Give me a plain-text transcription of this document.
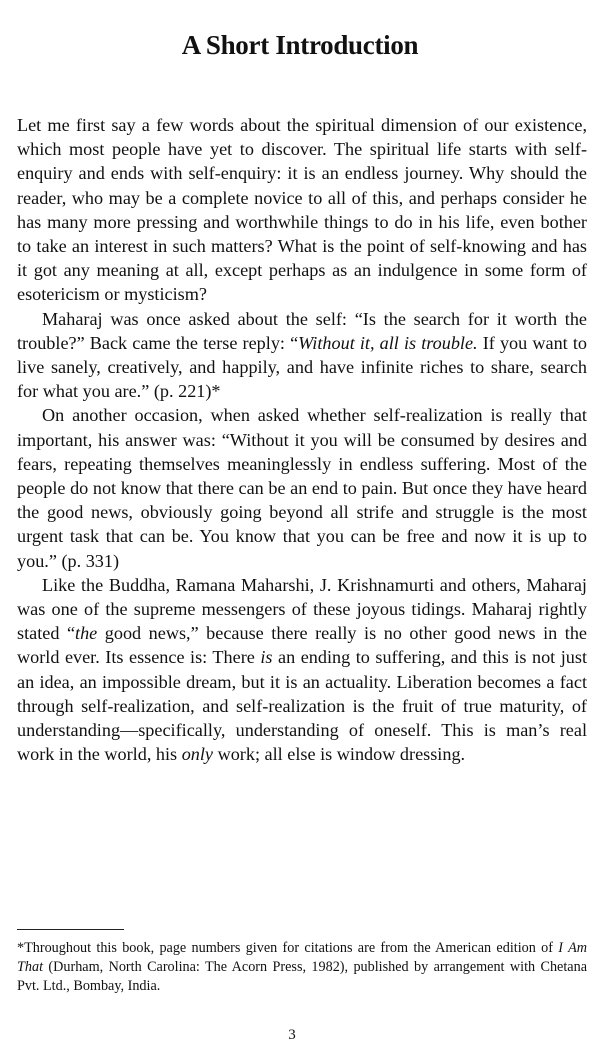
A Short Introduction

Let me first say a few words about the spiritual dimension of our existence, which most people have yet to discover. The spiritual life starts with self-enquiry and ends with self-enquiry: it is an endless journey. Why should the reader, who may be a complete novice to all of this, and perhaps consider he has many more pressing and worthwhile things to do in his life, even bother to take an interest in such matters? What is the point of self-knowing and has it got any meaning at all, except perhaps as an indulgence in some form of esotericism or mysticism?

Maharaj was once asked about the self: “Is the search for it worth the trouble?” Back came the terse reply: “Without it, all is trouble. If you want to live sanely, creatively, and happily, and have infinite riches to share, search for what you are.” (p. 221)*

On another occasion, when asked whether self-realization is really that important, his answer was: “Without it you will be consumed by desires and fears, repeating themselves meaninglessly in endless suffering. Most of the people do not know that there can be an end to pain. But once they have heard the good news, obviously going beyond all strife and struggle is the most urgent task that can be. You know that you can be free and now it is up to you.” (p. 331)

Like the Buddha, Ramana Maharshi, J. Krishnamurti and others, Maharaj was one of the supreme messengers of these joyous tidings. Maharaj rightly stated “the good news,” because there really is no other good news in the world ever. Its essence is: There is an ending to suffering, and this is not just an idea, an impossible dream, but it is an actuality. Liberation becomes a fact through self-realization, and self-realization is the fruit of true maturity, of understanding—specifically, understanding of oneself. This is man’s real work in the world, his only work; all else is window dressing.

*Throughout this book, page numbers given for citations are from the American edition of I Am That (Durham, North Carolina: The Acorn Press, 1982), published by arrangement with Chetana Pvt. Ltd., Bombay, India.

3
